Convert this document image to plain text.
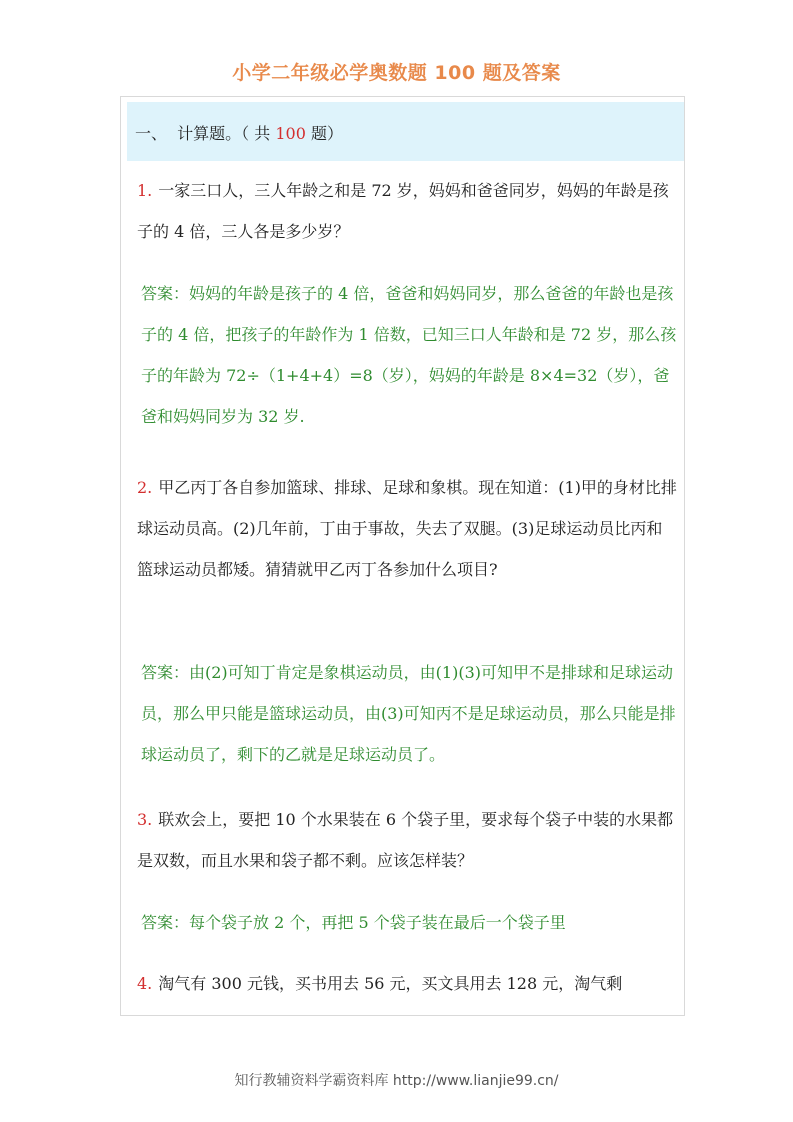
小学二年级必学奥数题 100 题及答案
一、  计算题。（ 共 100 题）
1. 一家三口人，三人年龄之和是 72 岁，妈妈和爸爸同岁，妈妈的年龄是孩子的 4 倍，三人各是多少岁？
答案：妈妈的年龄是孩子的 4 倍，爸爸和妈妈同岁，那么爸爸的年龄也是孩子的 4 倍，把孩子的年龄作为 1 倍数，已知三口人年龄和是 72 岁，那么孩子的年龄为 72÷（1+4+4）=8（岁），妈妈的年龄是 8×4=32（岁），爸爸和妈妈同岁为 32 岁.
2. 甲乙丙丁各自参加篮球、排球、足球和象棋。现在知道：(1)甲的身材比排球运动员高。(2)几年前，丁由于事故，失去了双腿。(3)足球运动员比丙和篮球运动员都矮。猜猜就甲乙丙丁各参加什么项目?
答案：由(2)可知丁肯定是象棋运动员，由(1)(3)可知甲不是排球和足球运动员，那么甲只能是篮球运动员，由(3)可知丙不是足球运动员，那么只能是排球运动员了，剩下的乙就是足球运动员了。
3. 联欢会上，要把 10 个水果装在 6 个袋子里，要求每个袋子中装的水果都是双数，而且水果和袋子都不剩。应该怎样装？
答案：每个袋子放 2 个，再把 5 个袋子装在最后一个袋子里
4. 淘气有 300 元钱，买书用去 56 元，买文具用去 128 元，淘气剩
知行教辅资料学霸资料库 http://www.lianjie99.cn/
